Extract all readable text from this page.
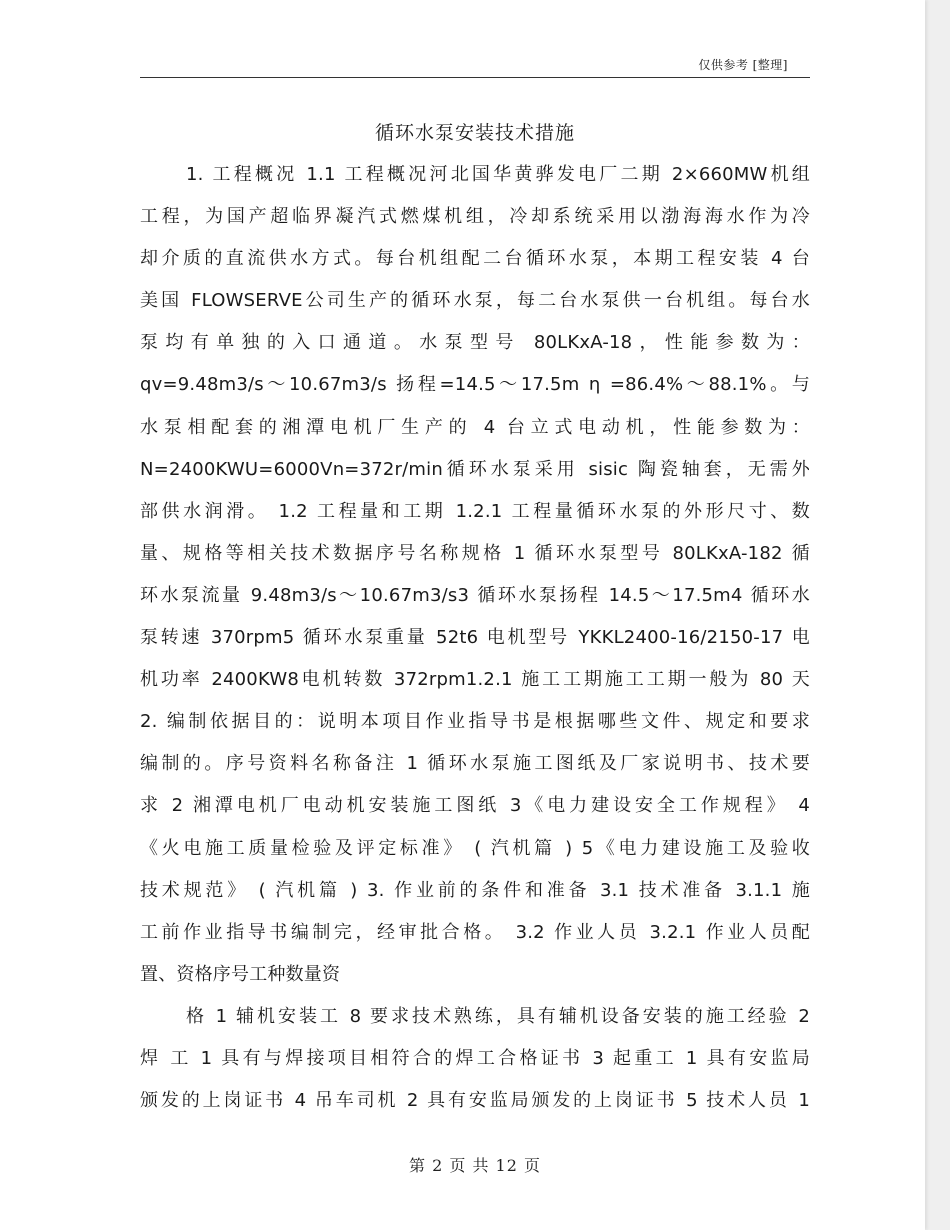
仅供参考 [整理]
循环水泵安装技术措施
1. 工程概况 1.1 工程概况河北国华黄骅发电厂二期 2×660MW机组
工程，为国产超临界凝汽式燃煤机组，冷却系统采用以渤海海水作为冷
却介质的直流供水方式。每台机组配二台循环水泵，本期工程安装 4 台
美国 FLOWSERVE公司生产的循环水泵，每二台水泵供一台机组。每台水
泵均有单独的入口通道。水泵型号 80LKxA-18，性能参数为：
qv=9.48m3/s～10.67m3/s 扬程=14.5～17.5m η =86.4%～88.1%。与
水泵相配套的湘潭电机厂生产的 4 台立式电动机，性能参数为：
N=2400KWU=6000Vn=372r/min循环水泵采用 sisic 陶瓷轴套，无需外
部供水润滑。 1.2 工程量和工期 1.2.1 工程量循环水泵的外形尺寸、数
量、规格等相关技术数据序号名称规格 1 循环水泵型号 80LKxA-182 循
环水泵流量 9.48m3/s～10.67m3/s3 循环水泵扬程 14.5～17.5m4 循环水
泵转速 370rpm5 循环水泵重量 52t6 电机型号 YKKL2400-16/2150-17 电
机功率 2400KW8电机转数 372rpm1.2.1 施工工期施工工期一般为 80 天
2. 编制依据目的：说明本项目作业指导书是根据哪些文件、规定和要求
编制的。序号资料名称备注 1 循环水泵施工图纸及厂家说明书、技术要
求 2 湘潭电机厂电动机安装施工图纸 3《电力建设安全工作规程》 4
《火电施工质量检验及评定标准》 ( 汽机篇 ) 5《电力建设施工及验收
技术规范》 ( 汽机篇 ) 3. 作业前的条件和准备 3.1 技术准备 3.1.1 施
工前作业指导书编制完，经审批合格。 3.2 作业人员 3.2.1 作业人员配
置、资格序号工种数量资
格 1 辅机安装工 8 要求技术熟练，具有辅机设备安装的施工经验 2
焊 工 1 具有与焊接项目相符合的焊工合格证书 3 起重工 1 具有安监局
颁发的上岗证书 4 吊车司机 2 具有安监局颁发的上岗证书 5 技术人员 1
第 2 页 共 12 页
